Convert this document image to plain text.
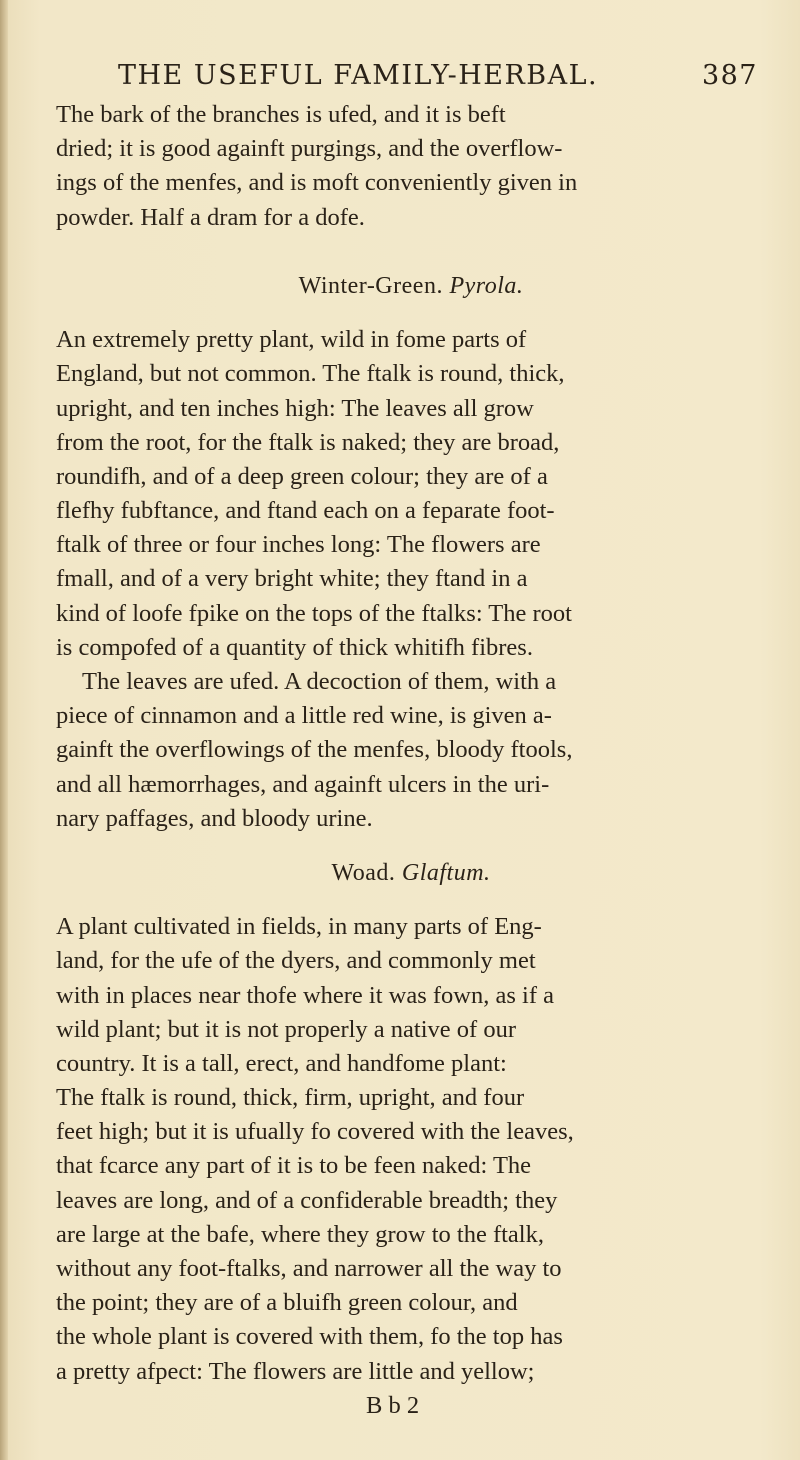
THE USEFUL FAMILY-HERBAL.	387
The bark of the branches is ufed, and it is beft
dried; it is good againft purgings, and the overflow-
ings of the menfes, and is moft conveniently given in
powder. Half a dram for a dofe.
Winter-Green. Pyrola.
An extremely pretty plant, wild in fome parts of
England, but not common. The ftalk is round, thick,
upright, and ten inches high: The leaves all grow
from the root, for the ftalk is naked; they are broad,
roundifh, and of a deep green colour; they are of a
flefhy fubftance, and ftand each on a feparate foot-
ftalk of three or four inches long: The flowers are
fmall, and of a very bright white; they ftand in a
kind of loofe fpike on the tops of the ftalks: The root
is compofed of a quantity of thick whitifh fibres.
The leaves are ufed. A decoction of them, with a
piece of cinnamon and a little red wine, is given a-
gainft the overflowings of the menfes, bloody ftools,
and all hæmorrhages, and againft ulcers in the uri-
nary paffages, and bloody urine.
Woad. Glaftum.
A plant cultivated in fields, in many parts of Eng-
land, for the ufe of the dyers, and commonly met
with in places near thofe where it was fown, as if a
wild plant; but it is not properly a native of our
country. It is a tall, erect, and handfome plant:
The ftalk is round, thick, firm, upright, and four
feet high; but it is ufually fo covered with the leaves,
that fcarce any part of it is to be feen naked: The
leaves are long, and of a confiderable breadth; they
are large at the bafe, where they grow to the ftalk,
without any foot-ftalks, and narrower all the way to
the point; they are of a bluifh green colour, and
the whole plant is covered with them, fo the top has
a pretty afpect: The flowers are little and yellow;
B b 2
